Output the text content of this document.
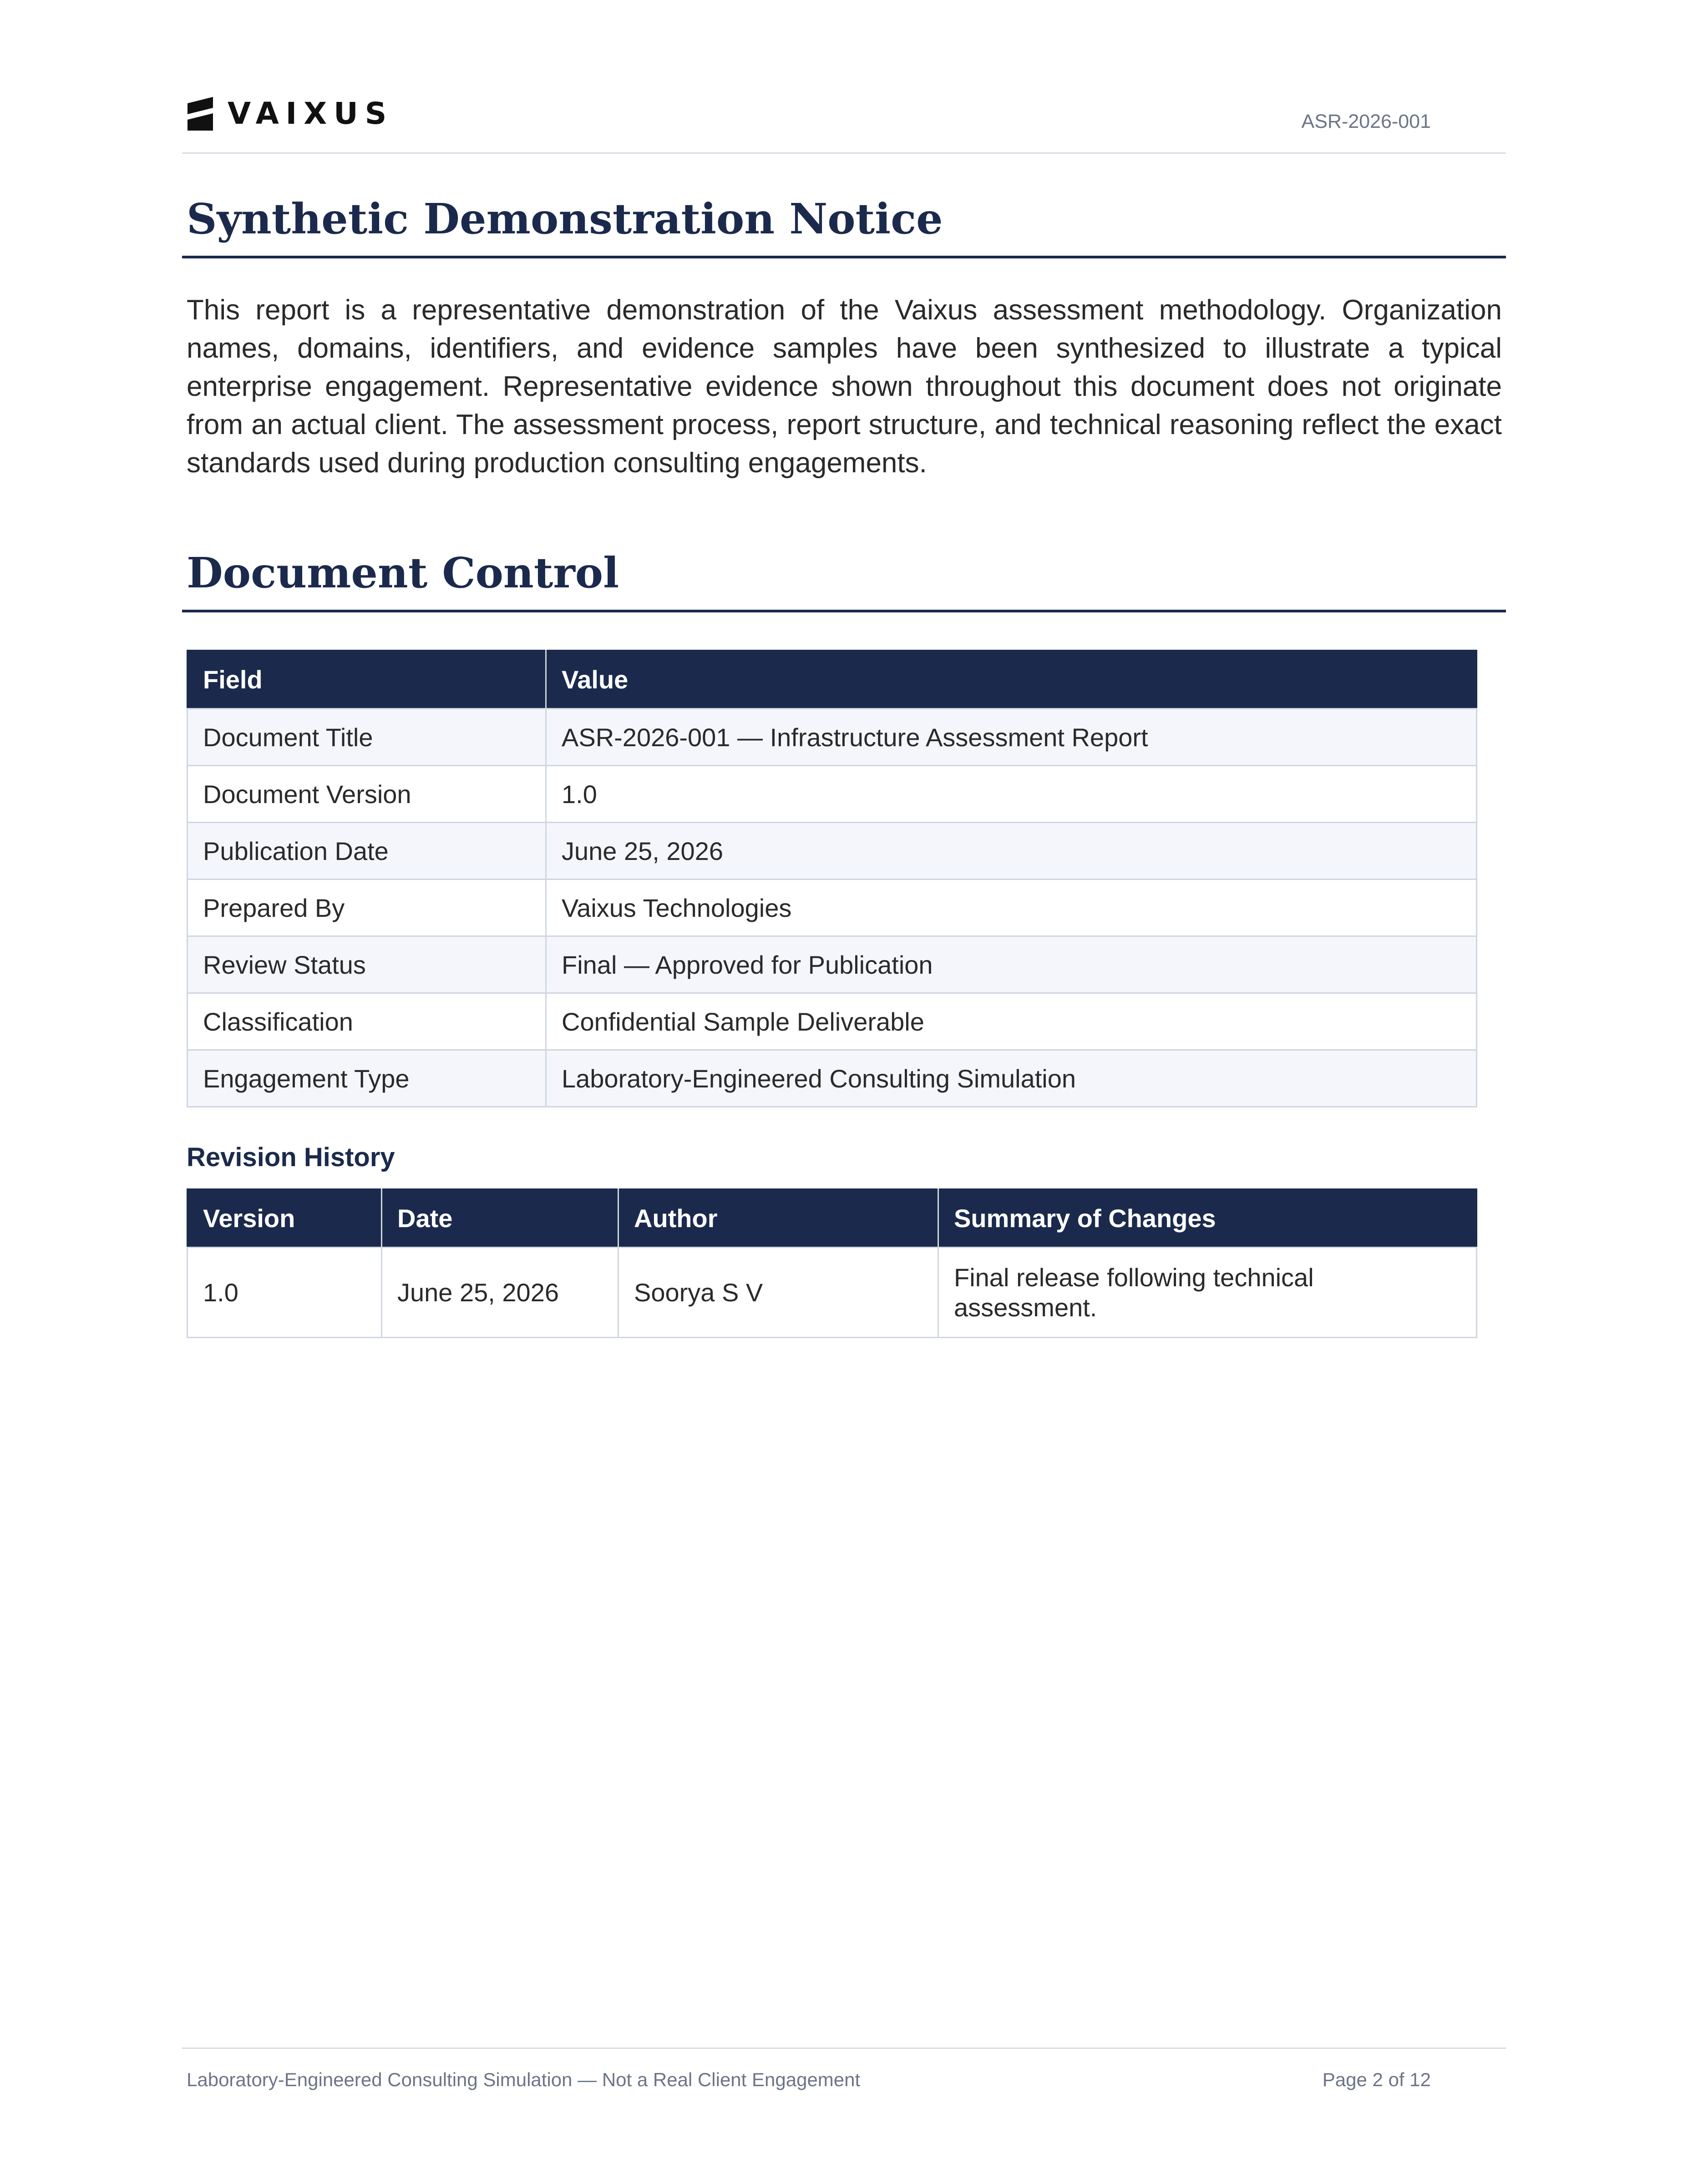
VAIXUS	ASR-2026-001
Synthetic Demonstration Notice

This report is a representative demonstration of the Vaixus assessment methodology. Organization names, domains, identifiers, and evidence samples have been synthesized to illustrate a typical enterprise engagement. Representative evidence shown throughout this document does not originate from an actual client. The assessment process, report structure, and technical reasoning reflect the exact standards used during production consulting engagements.

Document Control
Field	Value
Document Title	ASR-2026-001 — Infrastructure Assessment Report
Document Version	1.0
Publication Date	June 25, 2026
Prepared By	Vaixus Technologies
Review Status	Final — Approved for Publication
Classification	Confidential Sample Deliverable
Engagement Type	Laboratory-Engineered Consulting Simulation
Revision History
Version	Date	Author	Summary of Changes
1.0	June 25, 2026	Soorya S V	Final release following technical assessment.
Laboratory-Engineered Consulting Simulation — Not a Real Client Engagement	Page 2 of 12
